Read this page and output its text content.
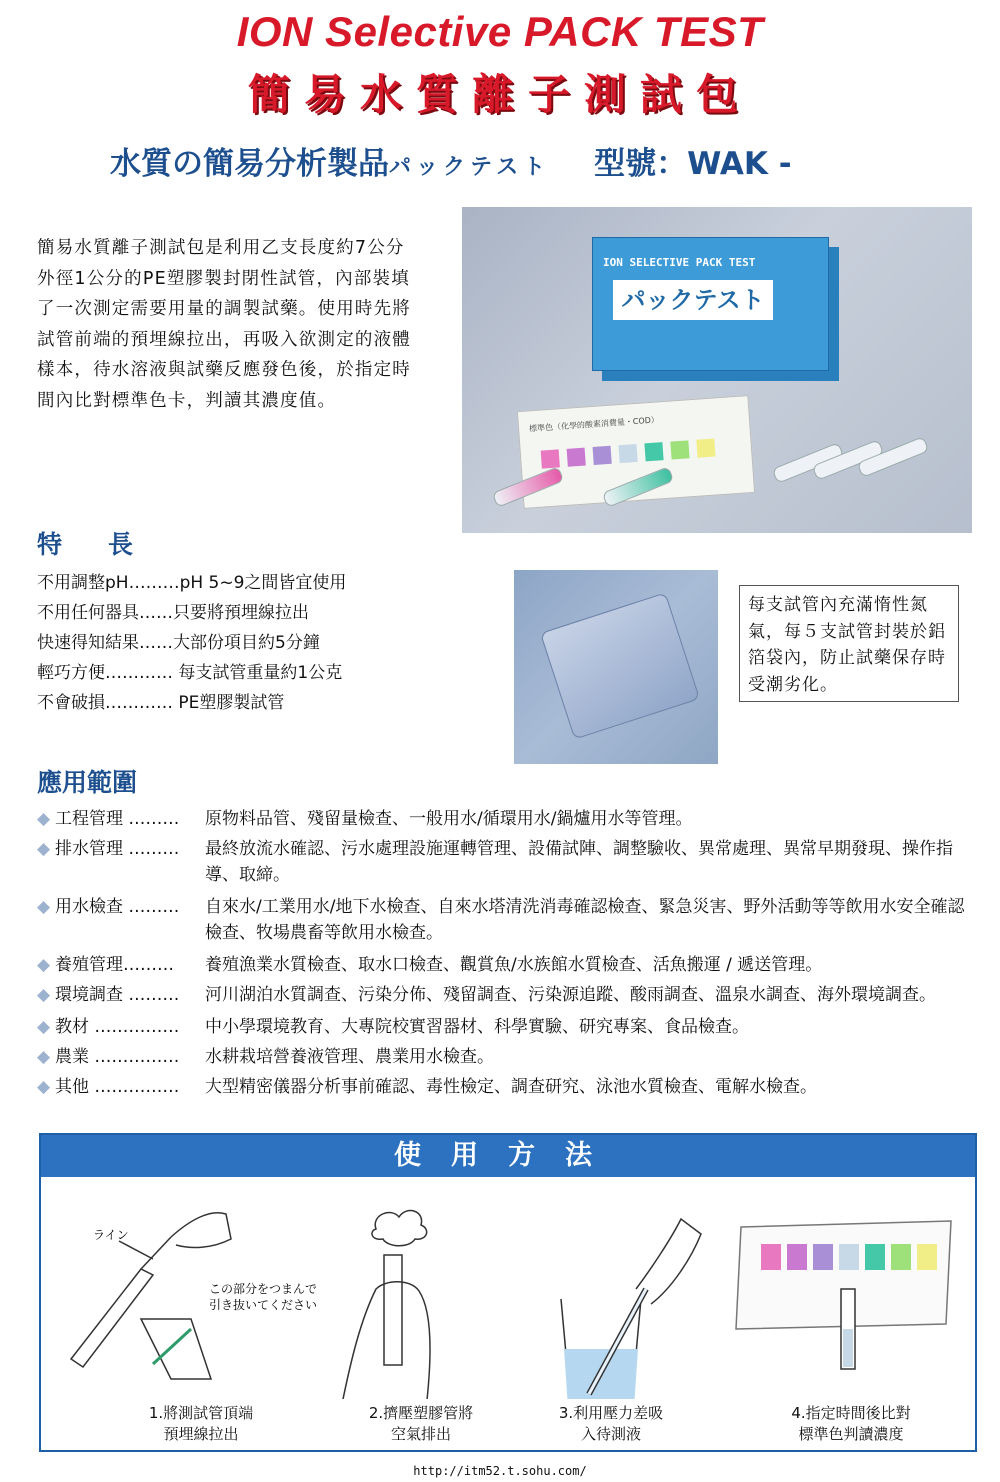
ION Selective PACK TEST
簡易水質離子測試包
水質の簡易分析製品パックテスト 型號：WAK -
簡易水質離子測試包是利用乙支長度約7公分外徑1公分的PE塑膠製封閉性試管，內部裝填了一次測定需要用量的調製試藥。使用時先將試管前端的預埋線拉出，再吸入欲測定的液體樣本，待水溶液與試藥反應發色後，於指定時間內比對標準色卡，判讀其濃度值。
ION SELECTIVE PACK TEST
パックテスト
標準色（化學的酸素消費量・COD）
特 長
不用調整pH………pH 5~9之間皆宜使用
不用任何器具……只要將預埋線拉出
快速得知結果……大部份項目約5分鐘
輕巧方便………… 每支試管重量約1公克
不會破損………… PE塑膠製試管
每支試管內充滿惰性氮氣，每５支試管封裝於鋁箔袋內，防止試藥保存時受潮劣化。
應用範圍
◆ 工程管理 ………	原物料品管、殘留量檢查、一般用水/循環用水/鍋爐用水等管理。
◆ 排水管理 ………	最終放流水確認、污水處理設施運轉管理、設備試陣、調整驗收、異常處理、異常早期發現、操作指導、取締。
◆ 用水檢查 ………	自來水/工業用水/地下水檢查、自來水塔清洗消毒確認檢查、緊急災害、野外活動等等飲用水安全確認檢查、牧場農畜等飲用水檢查。
◆ 養殖管理………	養殖漁業水質檢查、取水口檢查、觀賞魚/水族館水質檢查、活魚搬運 / 遞送管理。
◆ 環境調查 ………	河川湖泊水質調查、污染分佈、殘留調查、污染源追蹤、酸雨調查、溫泉水調查、海外環境調查。
◆ 教材 ……………	中小學環境教育、大專院校實習器材、科學實驗、研究專案、食品檢查。
◆ 農業 ……………	水耕栽培營養液管理、農業用水檢查。
◆ 其他 ……………	大型精密儀器分析事前確認、毒性檢定、調查研究、泳池水質檢查、電解水檢查。
使用方法
ライン
この部分をつまんで
引き抜いてください
1.將測試管頂端
預埋線拉出
2.擠壓塑膠管將
空氣排出
3.利用壓力差吸
入待測液
4.指定時間後比對
標準色判讀濃度
http://itm52.t.sohu.com/
